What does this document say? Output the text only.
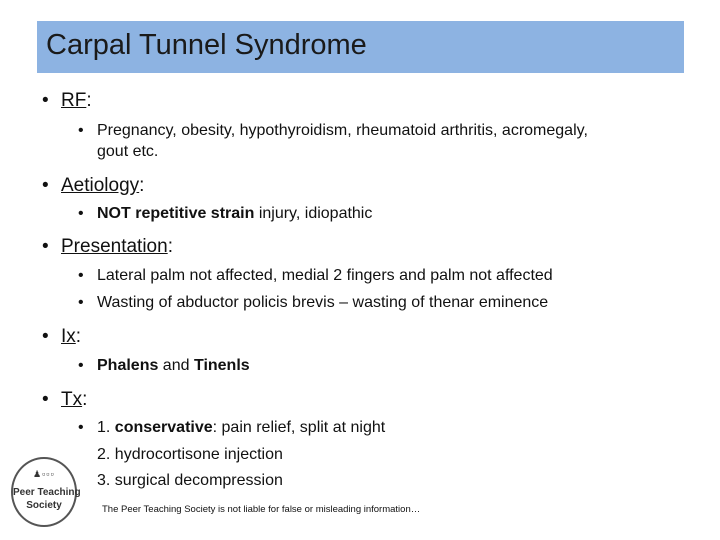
Carpal Tunnel Syndrome
• RF:
• Pregnancy, obesity, hypothyroidism, rheumatoid arthritis, acromegaly,
gout etc.
• Aetiology:
• NOT repetitive strain injury, idiopathic
• Presentation:
• Lateral palm not affected, medial 2 fingers and palm not affected
• Wasting of abductor policis brevis – wasting of thenar eminence
• Ix:
• Phalens and Tinenls
• Tx:
• 1. conservative: pain relief, split at night
2. hydrocortisone injection
3. surgical decompression
♟▫▫▫
Peer Teaching
Society	The Peer Teaching Society is not liable for false or misleading information…
